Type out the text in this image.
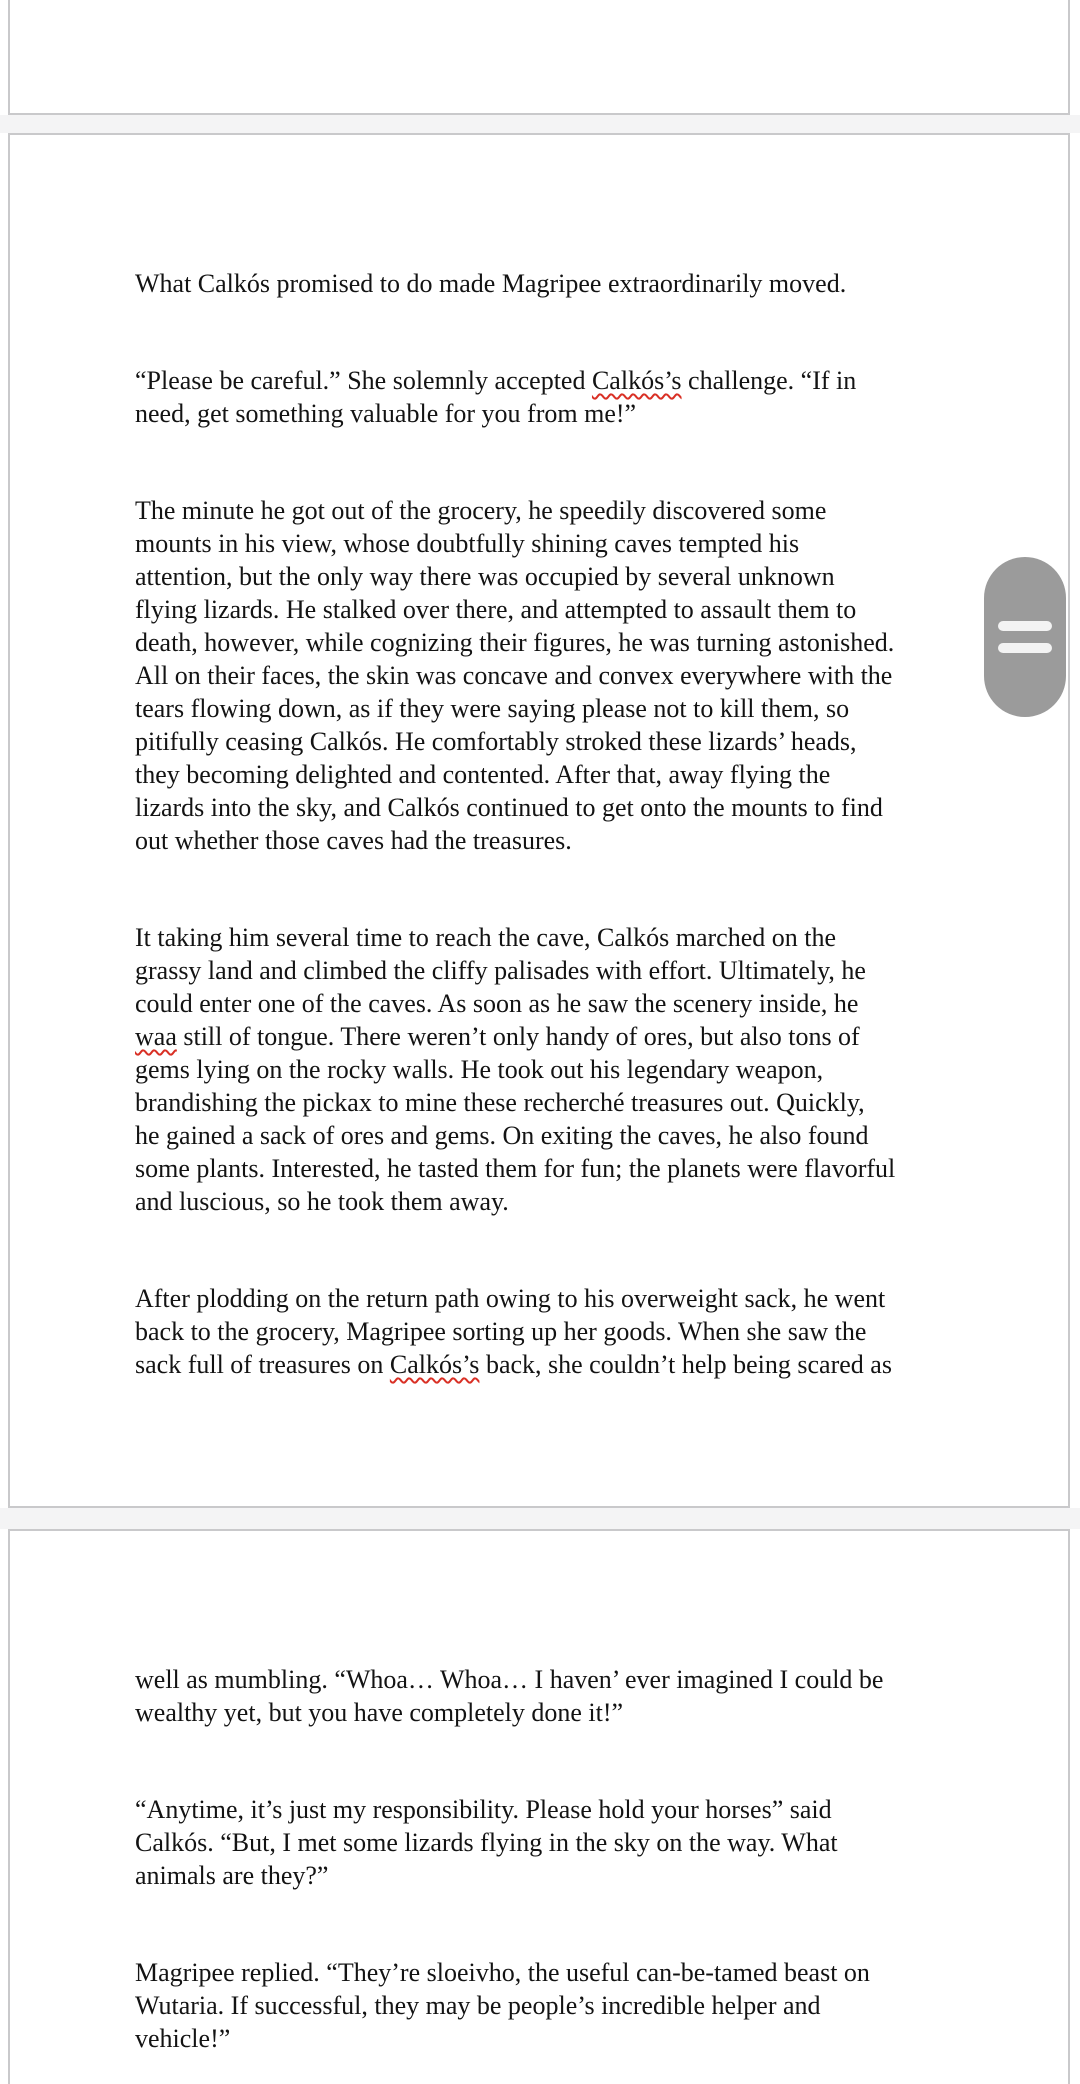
What Calkós promised to do made Magripee extraordinarily moved.

“Please be careful.” She solemnly accepted Calkós’s challenge. “If in
need, get something valuable for you from me!”

The minute he got out of the grocery, he speedily discovered some
mounts in his view, whose doubtfully shining caves tempted his
attention, but the only way there was occupied by several unknown
flying lizards. He stalked over there, and attempted to assault them to
death, however, while cognizing their figures, he was turning astonished.
All on their faces, the skin was concave and convex everywhere with the
tears flowing down, as if they were saying please not to kill them, so
pitifully ceasing Calkós. He comfortably stroked these lizards’ heads,
they becoming delighted and contented. After that, away flying the
lizards into the sky, and Calkós continued to get onto the mounts to find
out whether those caves had the treasures.

It taking him several time to reach the cave, Calkós marched on the
grassy land and climbed the cliffy palisades with effort. Ultimately, he
could enter one of the caves. As soon as he saw the scenery inside, he
waa still of tongue. There weren’t only handy of ores, but also tons of
gems lying on the rocky walls. He took out his legendary weapon,
brandishing the pickax to mine these recherché treasures out. Quickly,
he gained a sack of ores and gems. On exiting the caves, he also found
some plants. Interested, he tasted them for fun; the planets were flavorful
and luscious, so he took them away.

After plodding on the return path owing to his overweight sack, he went
back to the grocery, Magripee sorting up her goods. When she saw the
sack full of treasures on Calkós’s back, she couldn’t help being scared as

well as mumbling. “Whoa… Whoa… I haven’ ever imagined I could be
wealthy yet, but you have completely done it!”

“Anytime, it’s just my responsibility. Please hold your horses” said
Calkós. “But, I met some lizards flying in the sky on the way. What
animals are they?”

Magripee replied. “They’re sloeivho, the useful can-be-tamed beast on
Wutaria. If successful, they may be people’s incredible helper and
vehicle!”
